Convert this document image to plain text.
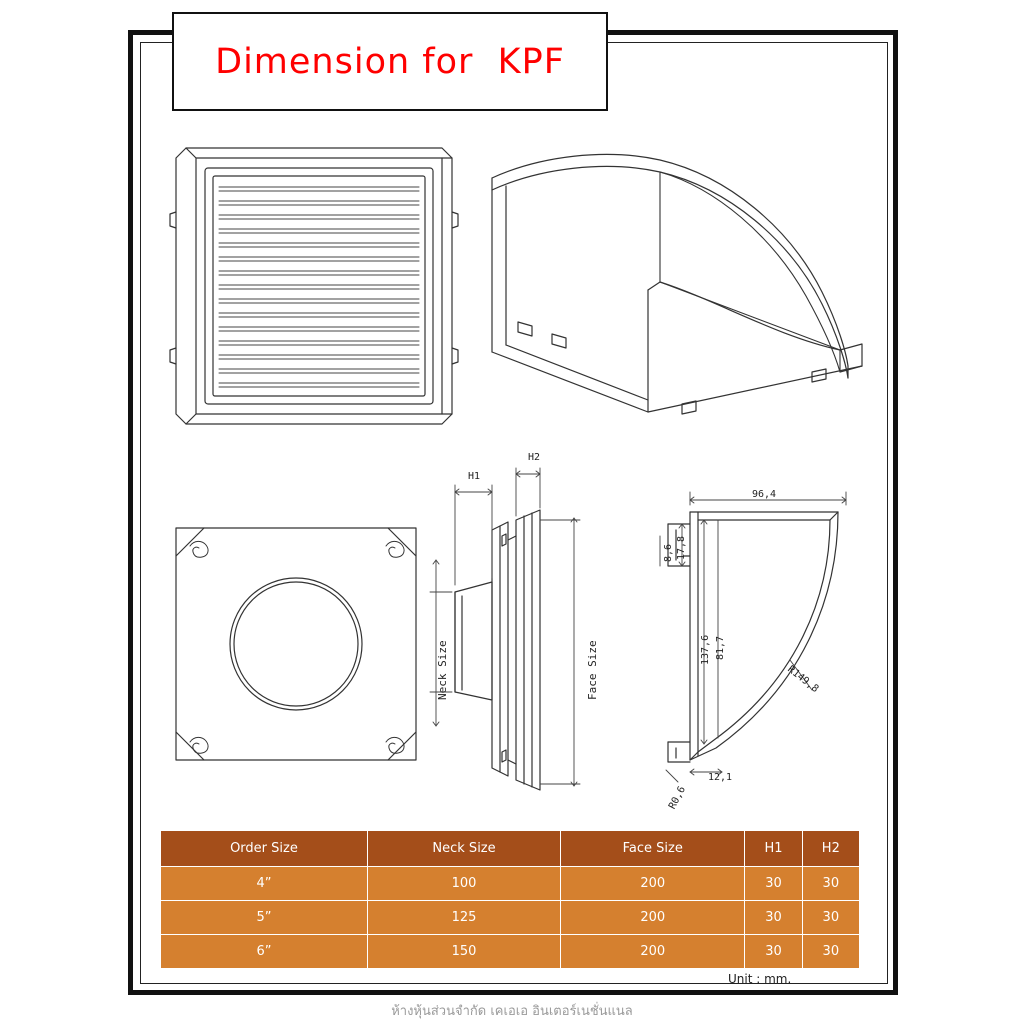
Dimension for  KPF
H1
H2
Neck Size	Face Size
96,4
137,6 81,7
17,8
8,6
12,1
R0,6
R149,8
Order Size	Neck Size	Face Size	H1	H2
4”	100	200	30	30
5”	125	200	30	30
6”	150	200	30	30
Unit : mm.
ห้างหุ้นส่วนจำกัด เคเอเอ อินเตอร์เนชั่นแนล
